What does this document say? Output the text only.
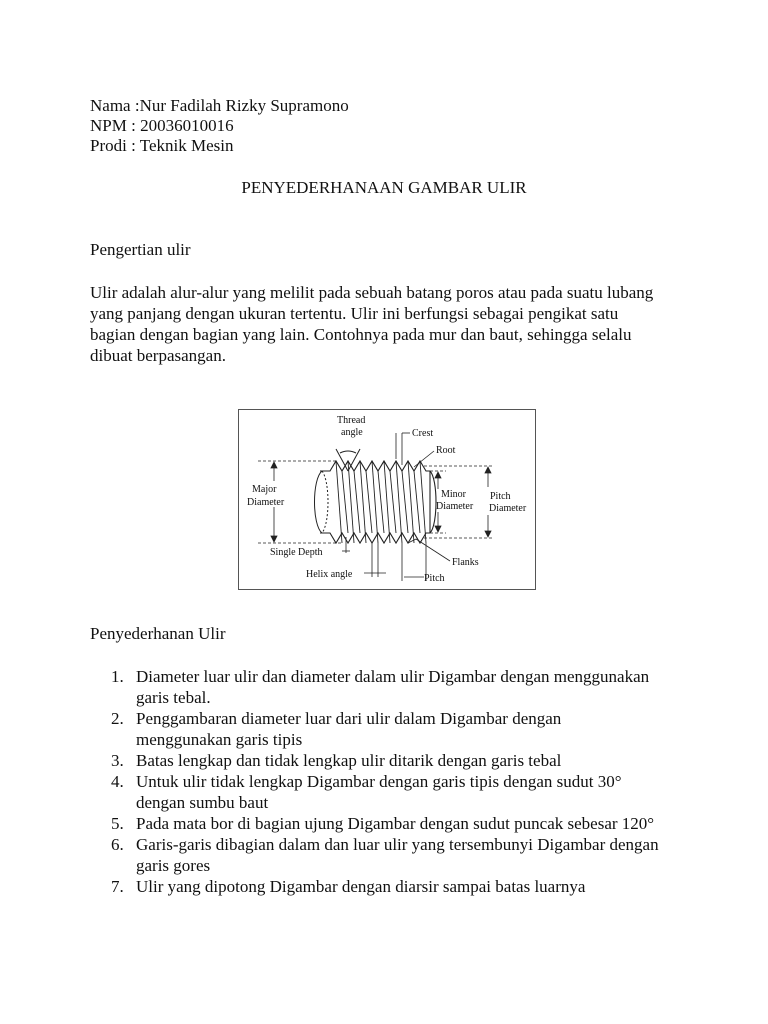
Nama :Nur Fadilah Rizky Supramono
NPM : 20036010016
Prodi : Teknik Mesin
PENYEDERHANAAN GAMBAR ULIR
Pengertian ulir
Ulir adalah alur-alur yang melilit pada sebuah batang poros atau pada suatu lubang
yang panjang dengan ukuran tertentu. Ulir ini berfungsi sebagai pengikat satu
bagian dengan bagian yang lain. Contohnya pada mur dan baut, sehingga selalu
dibuat berpasangan.
Thread
angle	Crest
Root
Major
Diameter
Minor
Diameter
Pitch
Diameter
Single Depth
Flanks
Helix angle	Pitch
Penyederhanan Ulir
1. Diameter luar ulir dan diameter dalam ulir Digambar dengan menggunakan
garis tebal.
2. Penggambaran diameter luar dari ulir dalam Digambar dengan
menggunakan garis tipis
3. Batas lengkap dan tidak lengkap ulir ditarik dengan garis tebal
4. Untuk ulir tidak lengkap Digambar dengan garis tipis dengan sudut 30°
dengan sumbu baut
5. Pada mata bor di bagian ujung Digambar dengan sudut puncak sebesar 120°
6. Garis-garis dibagian dalam dan luar ulir yang tersembunyi Digambar dengan
garis gores
7. Ulir yang dipotong Digambar dengan diarsir sampai batas luarnya
